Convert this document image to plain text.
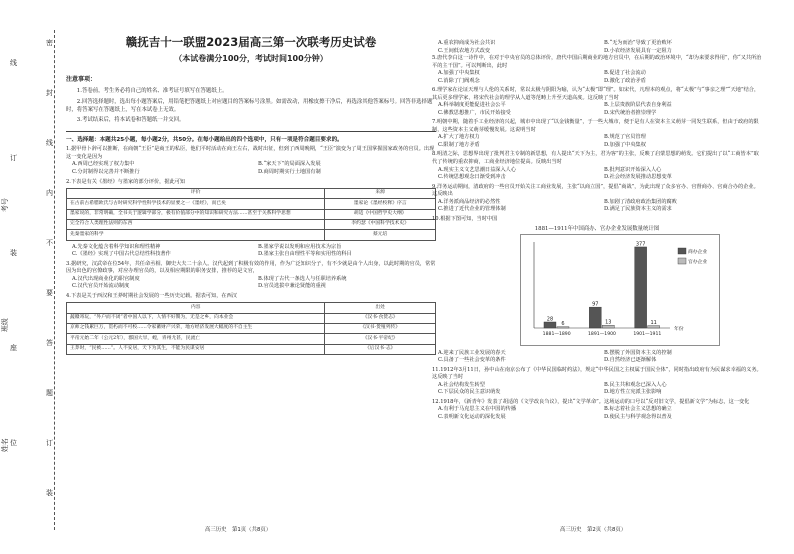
姓名
班级
考号
密
封
线
内
不
要
答
题
订
装
线
订
装
座
位
赣抚吉十一联盟2023届高三第一次联考历史试卷
（本试卷满分100分，考试时间100分钟）
注意事项：

1.答卷前，考生务必将自己的姓名、准考证号填写在答题纸上。

2.回答选择题时，选出每小题答案后，用铅笔把答题纸上对应题目的答案标号涂黑。如需改动，用橡皮擦干净后，再选涂其他答案标号。回答非选择题时，将答案写在答题纸上，写在本试卷上无效。

3.考试结束后，将本试卷和答题纸一并交回。

一、选择题：本题共25小题，每小题2分，共50分。在每小题给出的四个选项中，只有一项是符合题目要求的。
1.据甲骨卜辞可以推断，在商朝“王臣”是商王的私臣，他们平时活动在商王左右，战时出征，但到了西周晚期，“王臣”演变为了周王国掌握国家政务的官员。出现这一变化是因为
A.西周已经实现了权力集中	B.“家天下”的局面深入发展
C.分封制得以完善并不断推行	D.商周时期实行土地国有制
2.下表是有关《墨经》与墨家的部分评价，据此可知
评价	来源
在古前古希腊欧氏与古时研究科学性科学技术的显要之一《墨经》，而已矣	墨家论《墨经校释》序言
墨家说的，非常明确，全书关于逻辑学部分，极有价值部分中的知识和研究方法……甚至于关系科学思想	胡适《中国哲学史大纲》
完全符合人类理性法则的东西	李约瑟《中国科学技术史》
先秦墨家的科学	蔡元培
A.先秦文化蕴含着科学知识和理性精神	B.墨家学说以发明和应用技术为宗旨
C.《墨经》实现了中国古代总结性科技著作	D.墨家主张自由理性平等和实用性的科目
3.据研究，汉武帝在位54年，共任命丞相、御史大夫二十余人。汉代起到了积极有效的作用，作为广泛知识分子，有不少就是由个人出身，以此时期的官员，常常因为出色的官僚政事，对应办理官员的，以及相应期限的职务安排，推荐的是文官，
A.汉代出现商业化的职官制度	B.体现了古代一条选人与任职培养系统
C.汉代官员开始流动制度	D.官员选拔中兼论贤能的重视
4.下表是关于西汉和王莽时期社会发展的一些历史记载。据表可知，在西汉
内容	出处
蔬赣寄玩，“外户而不闭”者中国人以下，人情不好鬻为，无是之乡，向本业会	《汉书·食货志》
京师之钱累巨万，贯朽而不可校……令家蓄财产兴荣，地方经济发展大幅度的不自主生	《汉书·货殖列传》
平帝元始二年（公元2年），郡国大旱，蝗，青州尤甚，民流亡	《汉书·平帝纪》
王莽时，“民被……”。人不安居，天下为其生，不能为民谋安居	《后汉书·志》
A.重农抑商成为社会共识	B.“无为而治”导致了更治败坏
C.王间低农地方式改变	D.小农经济发展具有一定阻力
5.唐代李白这一诗作中，在对于中央官员的总体评价，唐代中国后期商业的地方官员中，在后期的政治环境中，“却为来要求得用”，你“又共所治平的主干国”。可以判断出，此时
A.加强了中央集权	B.促进了社会流动
C.消除了门阀观念	D.激化了政治矛盾
6.理学家在论证天理与人伦的关系时，常以太极与阴阳为喻，认为“太极”即“理”。如宋代，凡理本的观点，将“太极”与“事亲之理”“天地”结合，其后更多理学家，将宋代社会的理学从人道等范畴上升至天道高度。这反映了当时
A.科举制度更能促进社会公平	B.上层贵族阶层代表自身利益
C.佛教思想推广，市民开始接受	D.宋代统治者推崇理学
7.明朝中期，随着手工业经济的兴起，城市中出现了“以金钱衡量”，于一些大城市，便于是有人在资本主义萌芽一同发生联系，但由于政府的限制，这些资本主义萌芽缓慢发展。这说明当时
A.扩大了地方权力	B.规范了官员管理
C.限制了地方矛盾	D.加强了中央集权
8.明清之际，思想界出现了批判君主专制的新思想，有人提出“天下为主，君为客”的主张，反映了启蒙思想的萌发。它们提出了以“工商皆本”取代了传统的重农抑商，工商业经济地位提高。反映出当时
A.现实主义文艺思潮日益深入人心	B.批判意识开始深入人心
C.传统思想观念日渐受到冲击	D.社会经济发展推动思想变革
9.洋务运动期间，清政府的一些官员开始关注工商业发展，主张“以商立国”，提倡“商战”，为此出现了众多官办、官督商办、官商合办的企业。这反映出
A.洋务派商品经济的必然性	B.加剧了清政府政治集团的腐败
C.推进了近代企业的管理体制	D.满足了民族资本主义的需求
10.根据下图可知，当时中国
1881—1911年中国商办、官办企业发展数量统计图
28
6
1881—1890
97
13
1891—1900
377
11
1901—1911
年份
商办企业
官办企业
A.迎来了民族工业发展的春天	B.摆脱了外国资本主义的控制
C.具备了一些社会变革的条件	D.自然经济已逐渐解体
11.1912年3月11日，孙中山在南京公布了《中华民国临时约法》，规定“中华民国之主权属于国民全体”，同时指出政府有为民谋求幸福的义务。这反映了当时
A.社会结构发生转型	B.民主共和观念已深入人心
C.下层民众的民主意识萌发	D.地方性立宪派主张影响
12.1918年，《新青年》发表了胡适的《文学改良刍议》，提出“文学革命”。这场运动的口号以“反对旧文学，提倡新文学”为标志，这一变化
A.有利于马克思主义在中国的传播	B.标志着社会主义思想的确立
C.表明新文化运动的深化发展	D.使民主与科学观念得以普及
高三历史　第1页（共8页）	高三历史　第2页（共8页）
